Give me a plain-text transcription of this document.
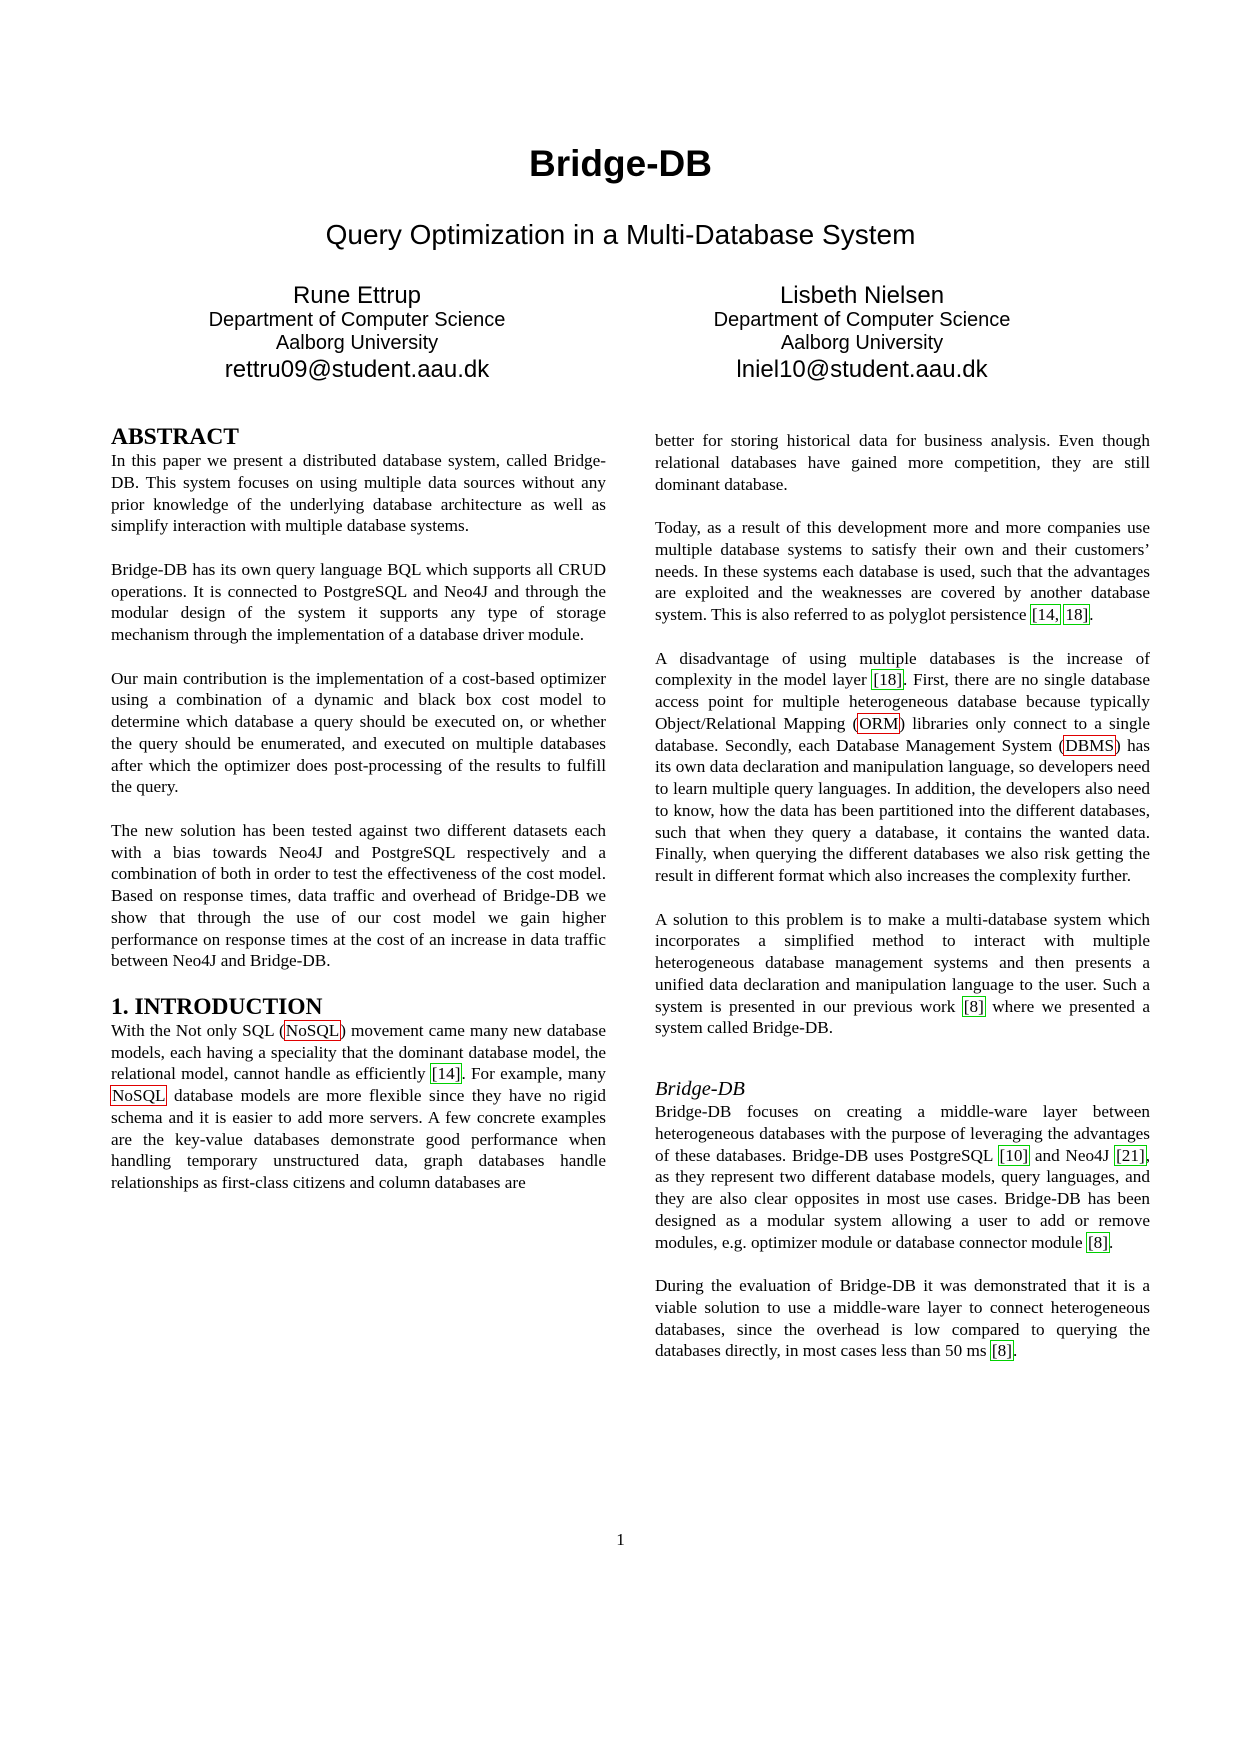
Bridge-DB
Query Optimization in a Multi-Database System
Rune Ettrup
Department of Computer Science
Aalborg University
rettru09@student.aau.dk
Lisbeth Nielsen
Department of Computer Science
Aalborg University
lniel10@student.aau.dk
ABSTRACT

In this paper we present a distributed database system, called Bridge-DB. This system focuses on using multiple data sources without any prior knowledge of the underlying database architecture as well as simplify interaction with multiple database systems.

Bridge-DB has its own query language BQL which supports all CRUD operations. It is connected to PostgreSQL and Neo4J and through the modular design of the system it supports any type of storage mechanism through the implementation of a database driver module.

Our main contribution is the implementation of a cost-based optimizer using a combination of a dynamic and black box cost model to determine which database a query should be executed on, or whether the query should be enumerated, and executed on multiple databases after which the optimizer does post-processing of the results to fulfill the query.

The new solution has been tested against two different datasets each with a bias towards Neo4J and PostgreSQL respectively and a combination of both in order to test the effectiveness of the cost model. Based on response times, data traffic and overhead of Bridge-DB we show that through the use of our cost model we gain higher performance on response times at the cost of an increase in data traffic between Neo4J and Bridge-DB.

1. INTRODUCTION

With the Not only SQL (NoSQL) movement came many new database models, each having a speciality that the dominant database model, the relational model, cannot handle as efficiently [14]. For example, many NoSQL database models are more flexible since they have no rigid schema and it is easier to add more servers. A few concrete examples are the key-value databases demonstrate good performance when handling temporary unstructured data, graph databases handle relationships as first-class citizens and column databases are

better for storing historical data for business analysis. Even though relational databases have gained more competition, they are still dominant database.

Today, as a result of this development more and more companies use multiple database systems to satisfy their own and their customers’ needs. In these systems each database is used, such that the advantages are exploited and the weaknesses are covered by another database system. This is also referred to as polyglot persistence [14, 18].

A disadvantage of using multiple databases is the increase of complexity in the model layer [18]. First, there are no single database access point for multiple heterogeneous database because typically Object/Relational Mapping (ORM) libraries only connect to a single database. Secondly, each Database Management System (DBMS) has its own data declaration and manipulation language, so developers need to learn multiple query languages. In addition, the developers also need to know, how the data has been partitioned into the different databases, such that when they query a database, it contains the wanted data. Finally, when querying the different databases we also risk getting the result in different format which also increases the complexity further.

A solution to this problem is to make a multi-database system which incorporates a simplified method to interact with multiple heterogeneous database management systems and then presents a unified data declaration and manipulation language to the user. Such a system is presented in our previous work [8] where we presented a system called Bridge-DB.

Bridge-DB

Bridge-DB focuses on creating a middle-ware layer between heterogeneous databases with the purpose of leveraging the advantages of these databases. Bridge-DB uses PostgreSQL [10] and Neo4J [21], as they represent two different database models, query languages, and they are also clear opposites in most use cases. Bridge-DB has been designed as a modular system allowing a user to add or remove modules, e.g. optimizer module or database connector module [8].

During the evaluation of Bridge-DB it was demonstrated that it is a viable solution to use a middle-ware layer to connect heterogeneous databases, since the overhead is low compared to querying the databases directly, in most cases less than 50 ms [8].

1
